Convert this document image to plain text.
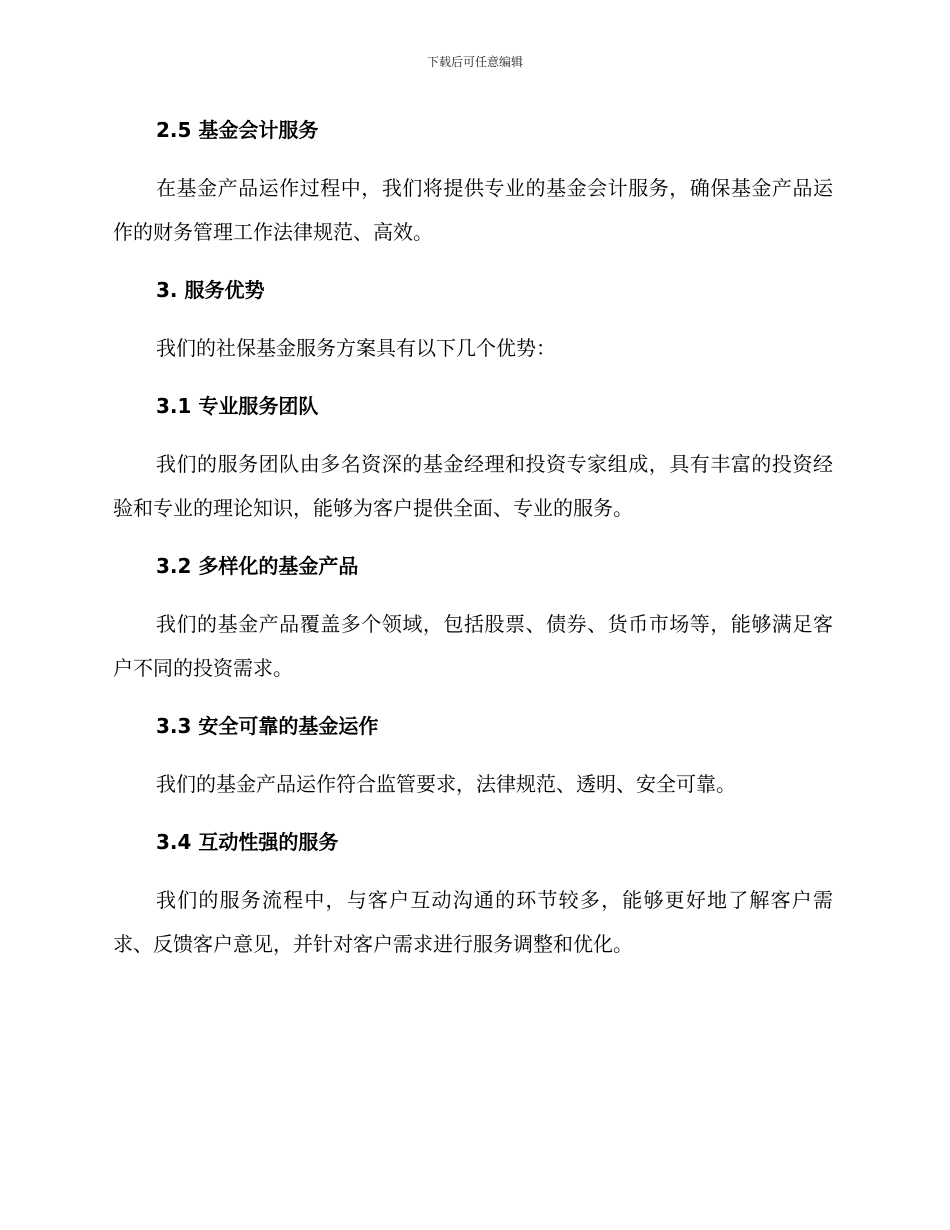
下载后可任意编辑
2.5 基金会计服务

在基金产品运作过程中，我们将提供专业的基金会计服务，确保基金产品运作的财务管理工作法律规范、高效。

3. 服务优势

我们的社保基金服务方案具有以下几个优势：

3.1 专业服务团队

我们的服务团队由多名资深的基金经理和投资专家组成，具有丰富的投资经验和专业的理论知识，能够为客户提供全面、专业的服务。

3.2 多样化的基金产品

我们的基金产品覆盖多个领域，包括股票、债券、货币市场等，能够满足客户不同的投资需求。

3.3 安全可靠的基金运作

我们的基金产品运作符合监管要求，法律规范、透明、安全可靠。

3.4 互动性强的服务

我们的服务流程中，与客户互动沟通的环节较多，能够更好地了解客户需求、反馈客户意见，并针对客户需求进行服务调整和优化。
